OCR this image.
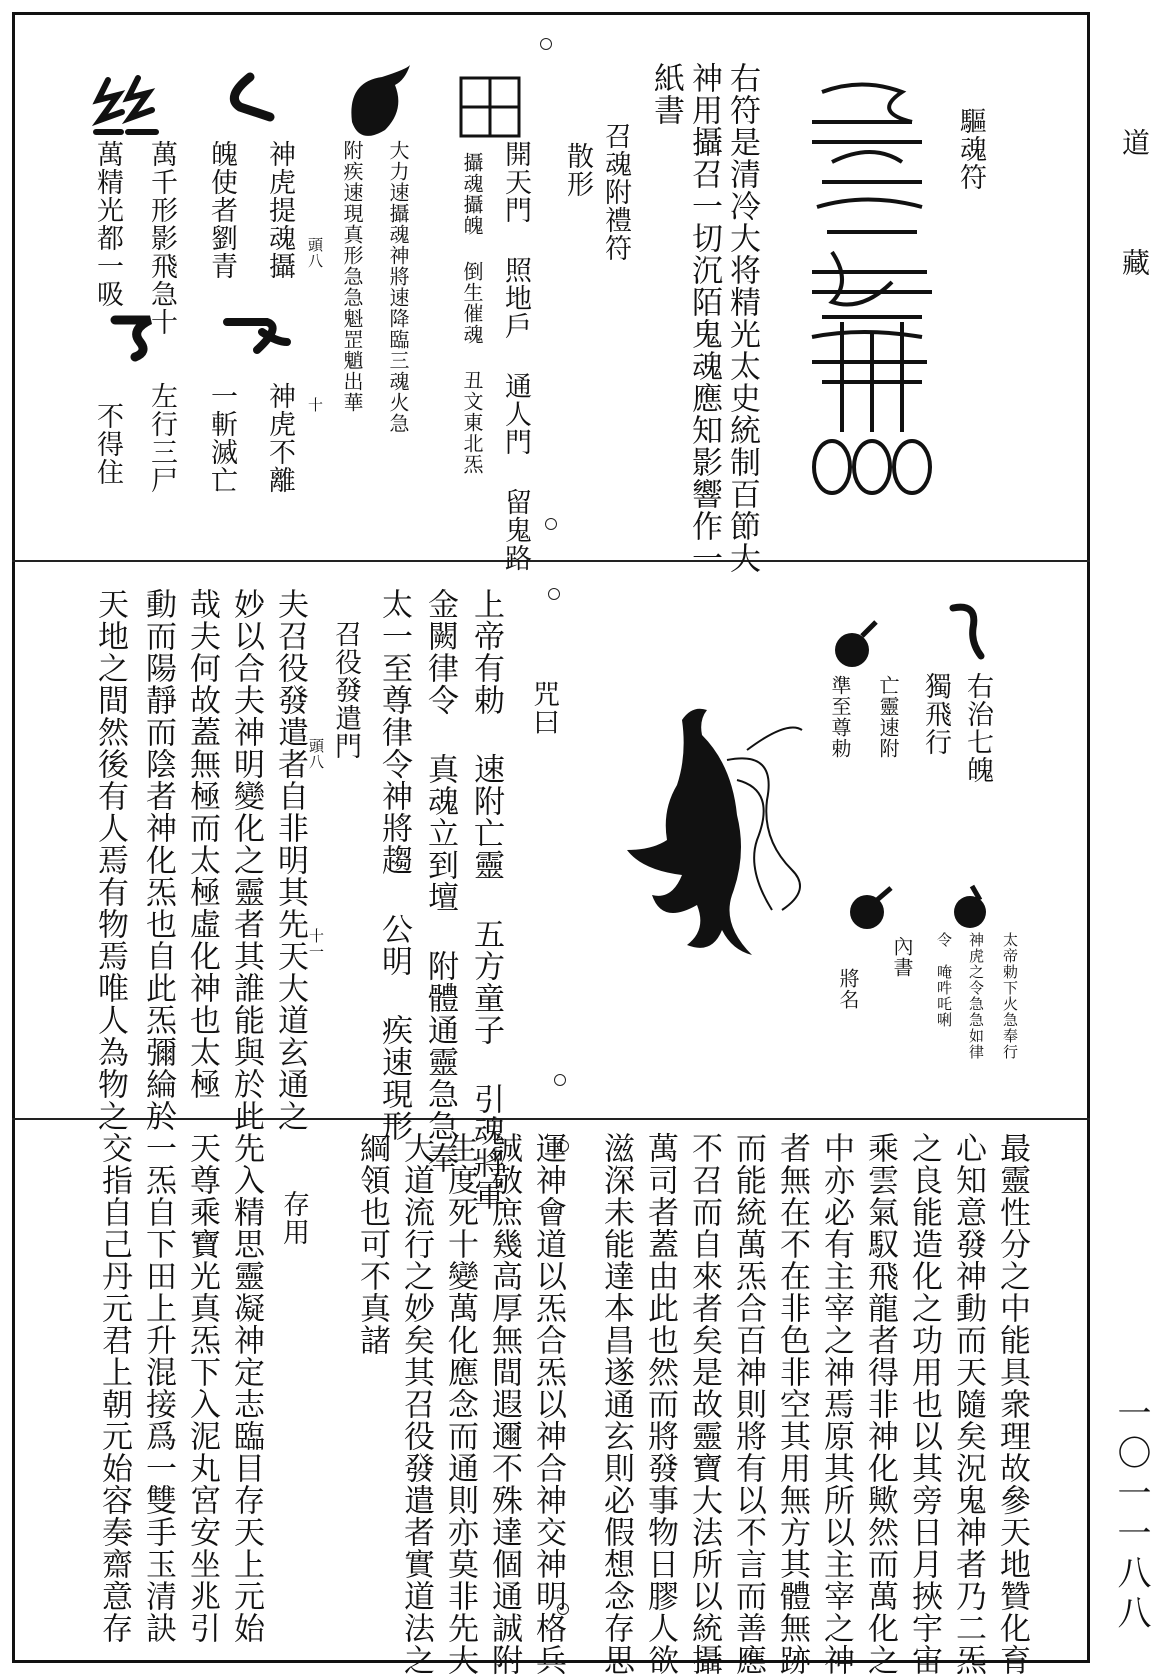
道
藏
一〇一一八八
驅魂符
右符是清冷大将精光太史統制百節大
神用攝召一切沉陌鬼魂應知影響作一
紙書
召魂附禮符
散形
開天門 照地戶 通人門 留鬼路
攝魂攝魄 倒生催魂 丑文東北炁
大力速攝魂神將速降臨三魂火急
附疾速現真形急急魁罡魈出華
頭八
十
神虎提魂攝
神虎不離
魄使者劉青
一斬滅亡
萬千形影飛急十
左行三尸
萬精光都一吸
不得住
右治七魄
獨飛行
亡靈速附
準至尊勅
太帝勅下火急奉行
神虎之令急急如律
令　唵吽吒唎
內書
將名
咒曰
上帝有勅 速附亡靈 五方童子 引魂將軍
金闕律令 真魂立到壇 附體通靈急急奉
太一至尊律令神將趨 公明 疾速現形
召役發遣門
頭八
十一
夫召役發遣者自非明其先天大道玄通之
妙以合夫神明變化之靈者其誰能與於此
哉夫何故蓋無極而太極虛化神也太極
動而陽靜而陰者神化炁也自此炁彌綸於
天地之間然後有人焉有物焉唯人為物之
最靈性分之中能具衆理故參天地贊化育
心知意發神動而天隨矣況鬼神者乃二炁
之良能造化之功用也以其旁日月挾宇宙
乘雲氣馭飛龍者得非神化歟然而萬化之
中亦必有主宰之神焉原其所以主宰之神
者無在不在非色非空其用無方其體無跡
而能統萬炁合百神則將有以不言而善應
不召而自來者矣是故靈寶大法所以統攝
萬司者蓋由此也然而將發事物日膠人欲
滋深未能達本昌遂通玄則必假想念存思
運神會道以炁合炁以神合神交神明格兵
誠敬庶幾高厚無間遐邇不殊達個通誠附
生度死十變萬化應念而通則亦莫非先大
大道流行之妙矣其召役發遣者實道法之
綱領也可不真諸
存用
先入精思靈凝神定志臨目存天上元始
天尊乘寶光真炁下入泥丸宮安坐兆引
一炁自下田上升混接爲一雙手玉清訣
交指自己丹元君上朝元始容奏齋意存
